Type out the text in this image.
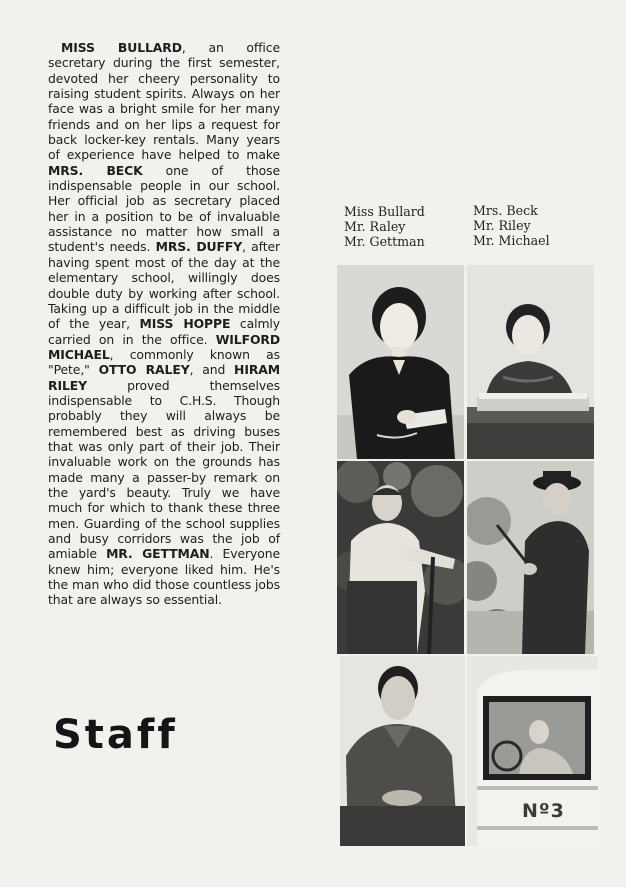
MISS BULLARD, an office secretary during the first semester, devoted her cheery personality to raising student spirits. Always on her face was a bright smile for her many friends and on her lips a request for back locker-key rentals. Many years of experience have helped to make MRS. BECK one of those indispensable people in our school. Her official job as secretary placed her in a position to be of invaluable assistance no matter how small a student's needs. MRS. DUFFY, after having spent most of the day at the elementary school, willingly does double duty by working after school. Taking up a difficult job in the middle of the year, MISS HOPPE calmly carried on in the office. WILFORD MICHAEL, commonly known as "Pete," OTTO RALEY, and HIRAM RILEY proved themselves indispensable to C.H.S. Though probably they will always be remembered best as driving buses that was only part of their job. Their invaluable work on the grounds has made many a passer-by remark on the yard's beauty. Truly we have much for which to thank these three men. Guarding of the school supplies and busy corridors was the job of amiable MR. GETTMAN. Everyone knew him; everyone liked him. He's the man who did those countless jobs that are always so essential.
Staff
Miss Bullard
Mr. Raley
Mr. Gettman
Mrs. Beck
Mr. Riley
Mr. Michael
Nº3
